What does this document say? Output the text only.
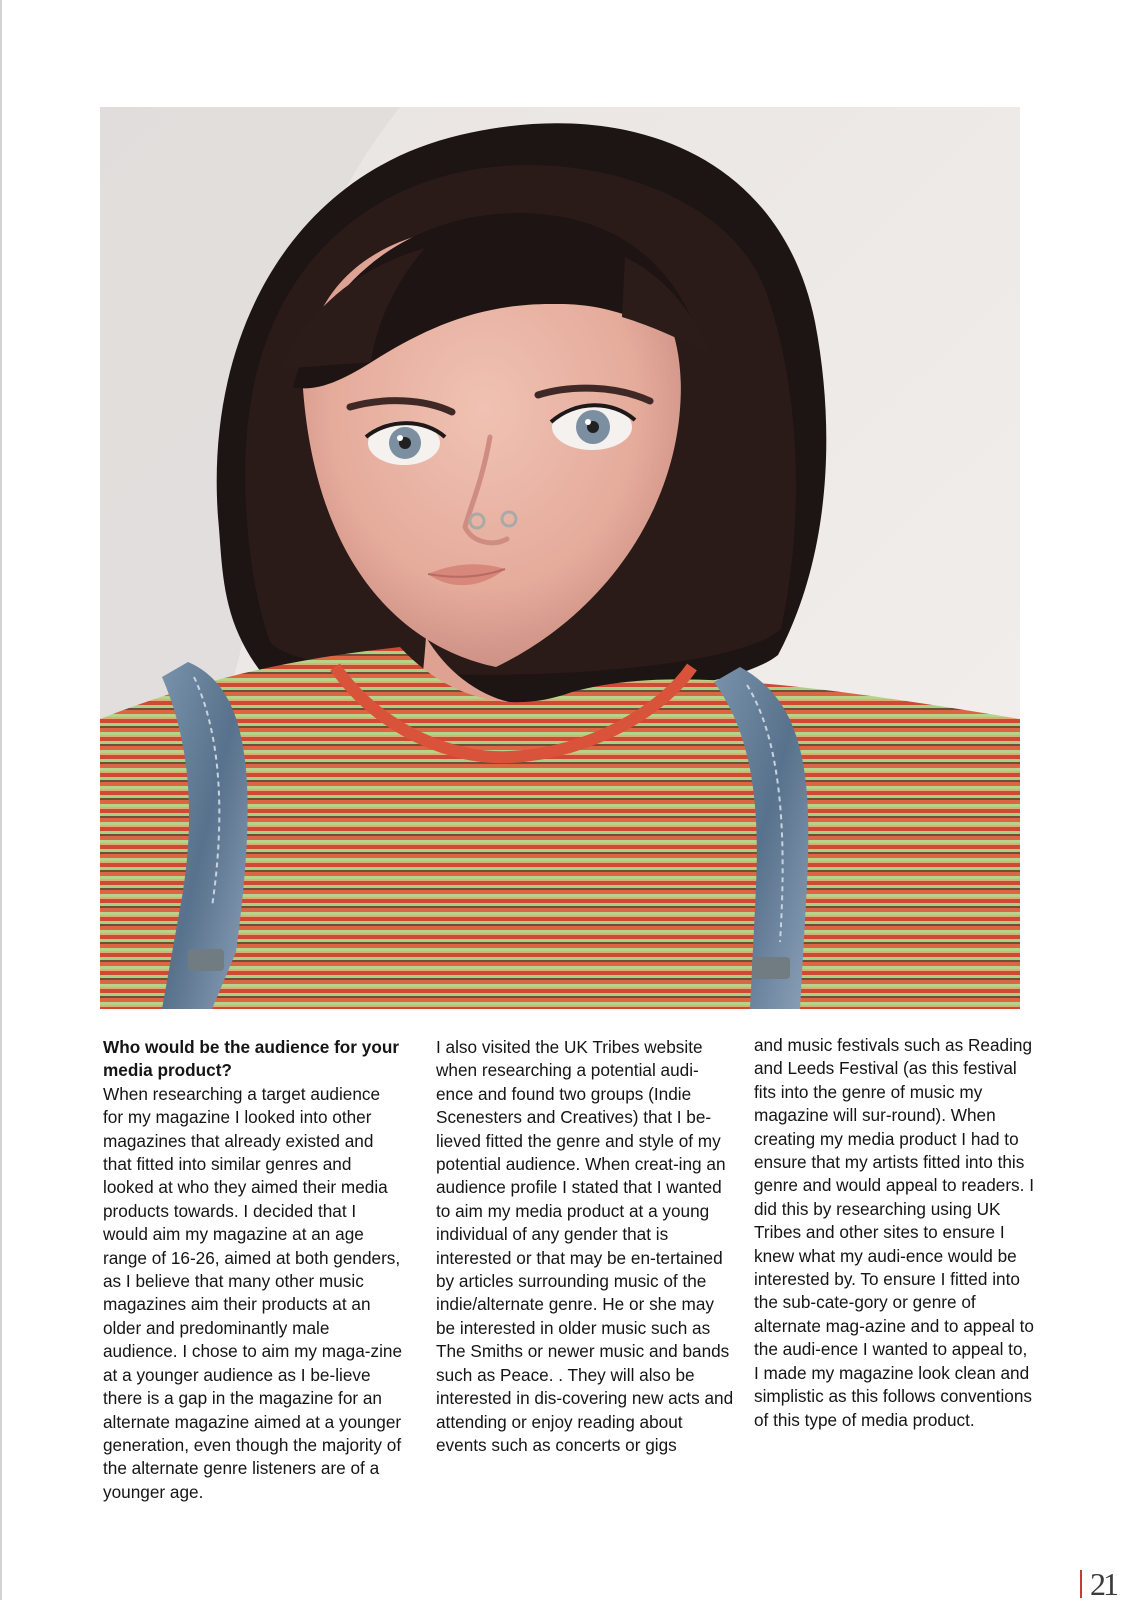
Who would be the audience for your media product?
When researching a target audience for my magazine I looked into other magazines that already existed and that fitted into similar genres and looked at who they aimed their media products towards. I decided that I would aim my magazine at an age range of 16-26, aimed at both genders, as I believe that many other music magazines aim their products at an older and predominantly male audience. I chose to aim my maga-zine at a younger audience as I be-lieve there is a gap in the magazine for an alternate magazine aimed at a younger generation, even though the majority of the alternate genre listeners are of a younger age.
I also visited the UK Tribes website when researching a potential audi-ence and found two groups (Indie Scenesters and Creatives) that I be-lieved fitted the genre and style of my potential audience. When creat-ing an audience profile I stated that I wanted to aim my media product at a young individual of any gender that is interested or that may be en-tertained by articles surrounding music of the indie/alternate genre. He or she may be interested in older music such as The Smiths or newer music and bands such as Peace. . They will also be interested in dis-covering new acts and attending or enjoy reading about events such as concerts or gigs
and music festivals such as Reading and Leeds Festival (as this festival fits into the genre of music my magazine will sur-round). When creating my media product I had to ensure that my artists fitted into this genre and would appeal to readers. I did this by researching using UK Tribes and other sites to ensure I knew what my audi-ence would be interested by. To ensure I fitted into the sub-cate-gory or genre of alternate mag-azine and to appeal to the audi-ence I wanted to appeal to, I made my magazine look clean and simplistic as this follows conventions of this type of media product.
21
